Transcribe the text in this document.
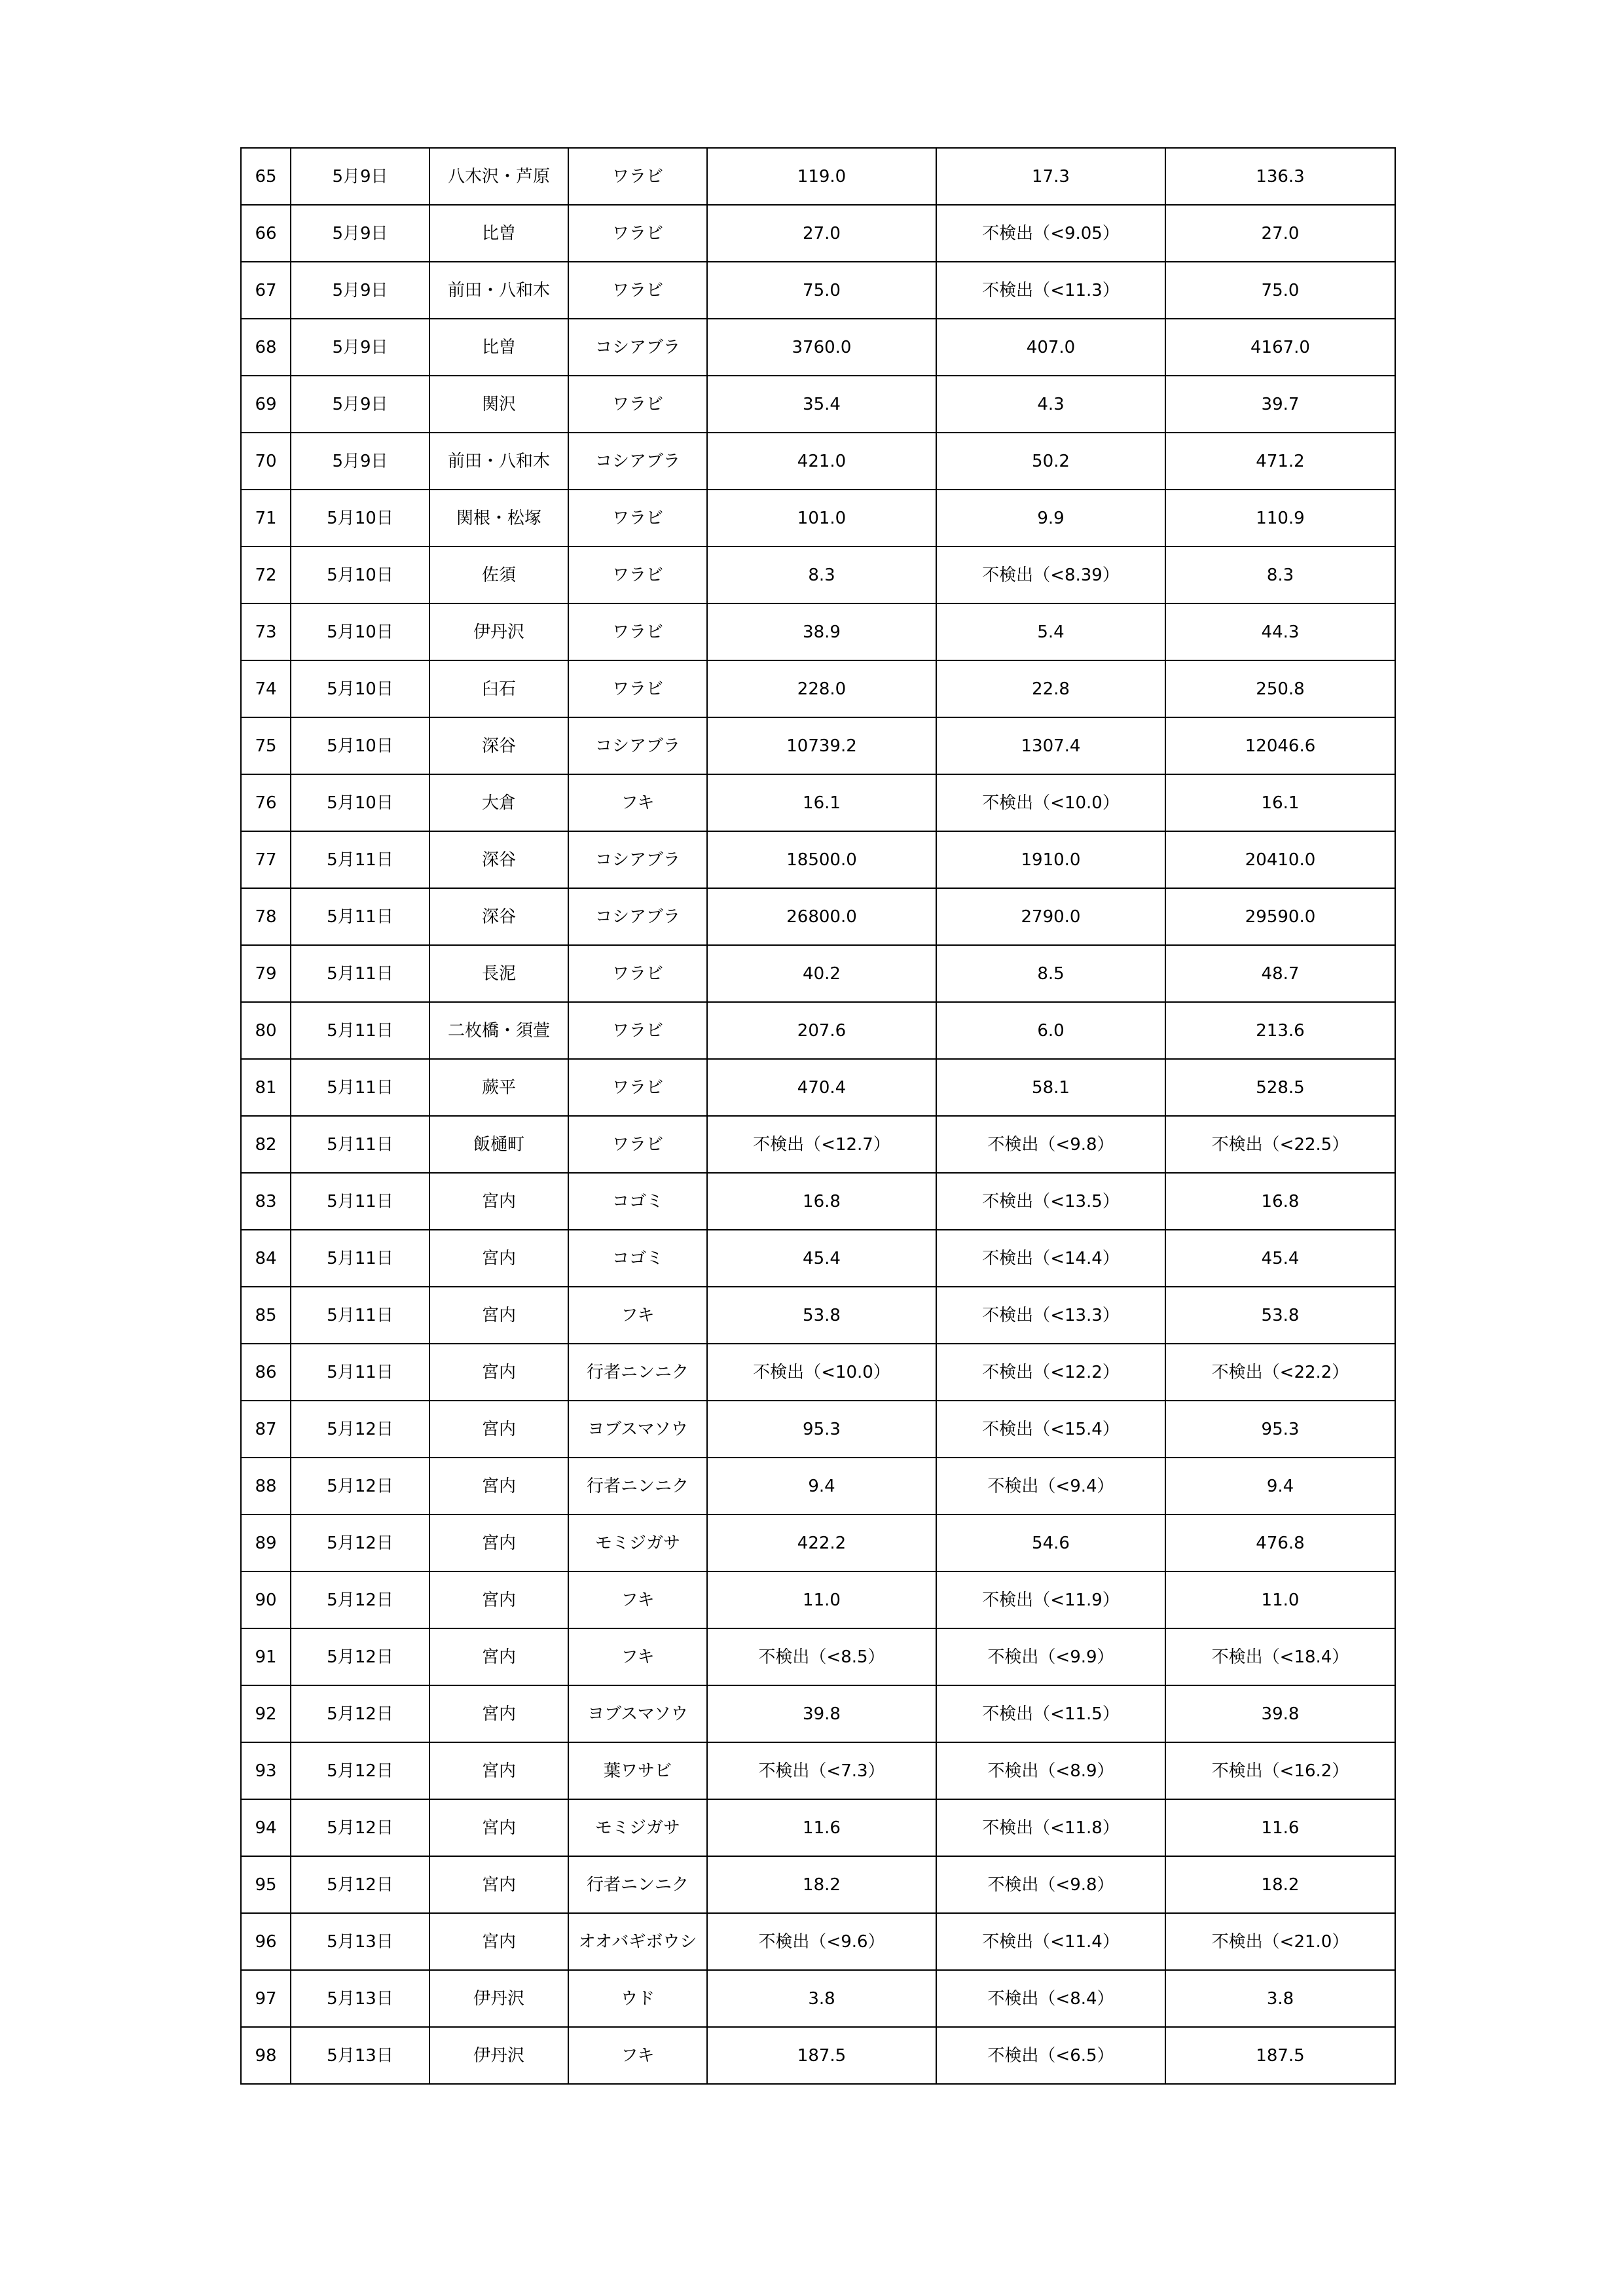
65	5月9日	八木沢・芦原	ワラビ	119.0	17.3	136.3
66	5月9日	比曽	ワラビ	27.0	不検出（<9.05）	27.0
67	5月9日	前田・八和木	ワラビ	75.0	不検出（<11.3）	75.0
68	5月9日	比曽	コシアブラ	3760.0	407.0	4167.0
69	5月9日	関沢	ワラビ	35.4	4.3	39.7
70	5月9日	前田・八和木	コシアブラ	421.0	50.2	471.2
71	5月10日	関根・松塚	ワラビ	101.0	9.9	110.9
72	5月10日	佐須	ワラビ	8.3	不検出（<8.39）	8.3
73	5月10日	伊丹沢	ワラビ	38.9	5.4	44.3
74	5月10日	臼石	ワラビ	228.0	22.8	250.8
75	5月10日	深谷	コシアブラ	10739.2	1307.4	12046.6
76	5月10日	大倉	フキ	16.1	不検出（<10.0）	16.1
77	5月11日	深谷	コシアブラ	18500.0	1910.0	20410.0
78	5月11日	深谷	コシアブラ	26800.0	2790.0	29590.0
79	5月11日	長泥	ワラビ	40.2	8.5	48.7
80	5月11日	二枚橋・須萱	ワラビ	207.6	6.0	213.6
81	5月11日	蕨平	ワラビ	470.4	58.1	528.5
82	5月11日	飯樋町	ワラビ	不検出（<12.7）	不検出（<9.8）	不検出（<22.5）
83	5月11日	宮内	コゴミ	16.8	不検出（<13.5）	16.8
84	5月11日	宮内	コゴミ	45.4	不検出（<14.4）	45.4
85	5月11日	宮内	フキ	53.8	不検出（<13.3）	53.8
86	5月11日	宮内	行者ニンニク	不検出（<10.0）	不検出（<12.2）	不検出（<22.2）
87	5月12日	宮内	ヨブスマソウ	95.3	不検出（<15.4）	95.3
88	5月12日	宮内	行者ニンニク	9.4	不検出（<9.4）	9.4
89	5月12日	宮内	モミジガサ	422.2	54.6	476.8
90	5月12日	宮内	フキ	11.0	不検出（<11.9）	11.0
91	5月12日	宮内	フキ	不検出（<8.5）	不検出（<9.9）	不検出（<18.4）
92	5月12日	宮内	ヨブスマソウ	39.8	不検出（<11.5）	39.8
93	5月12日	宮内	葉ワサビ	不検出（<7.3）	不検出（<8.9）	不検出（<16.2）
94	5月12日	宮内	モミジガサ	11.6	不検出（<11.8）	11.6
95	5月12日	宮内	行者ニンニク	18.2	不検出（<9.8）	18.2
96	5月13日	宮内	オオバギボウシ	不検出（<9.6）	不検出（<11.4）	不検出（<21.0）
97	5月13日	伊丹沢	ウド	3.8	不検出（<8.4）	3.8
98	5月13日	伊丹沢	フキ	187.5	不検出（<6.5）	187.5
